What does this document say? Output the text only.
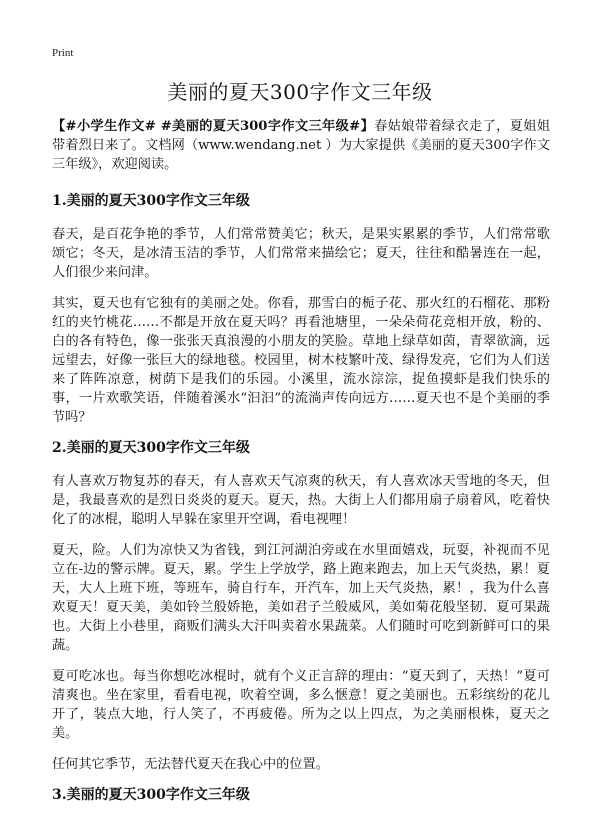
Print
美丽的夏天300字作文三年级

【#小学生作文# #美丽的夏天300字作文三年级#】春姑娘带着绿衣走了，夏姐姐带着烈日来了。文档网（www.wendang.net ）为大家提供《美丽的夏天300字作文三年级》，欢迎阅读。

1.美丽的夏天300字作文三年级

春天，是百花争艳的季节，人们常常赞美它；秋天，是果实累累的季节，人们常常歌颂它；冬天，是冰清玉洁的季节，人们常常来描绘它；夏天，往往和酷暑连在一起，人们很少来问津。

其实，夏天也有它独有的美丽之处。你看，那雪白的栀子花、那火红的石榴花、那粉红的夹竹桃花……不都是开放在夏天吗？再看池塘里，一朵朵荷花竞相开放，粉的、白的各有特色，像一张张天真浪漫的小朋友的笑脸。草地上绿草如茵，青翠欲滴，远远望去，好像一张巨大的绿地毯。校园里，树木枝繁叶茂、绿得发亮，它们为人们送来了阵阵凉意，树荫下是我们的乐园。小溪里，流水淙淙，捉鱼摸虾是我们快乐的事，一片欢歌笑语，伴随着溪水“汩汩”的流淌声传向远方……夏天也不是个美丽的季节吗？

2.美丽的夏天300字作文三年级

有人喜欢万物复苏的春天，有人喜欢天气凉爽的秋天，有人喜欢冰天雪地的冬天，但是，我最喜欢的是烈日炎炎的夏天。夏天，热。大街上人们都用扇子扇着风，吃着快化了的冰棍，聪明人早躲在家里开空调，看电视哩！

夏天，险。人们为凉快又为省钱，到江河湖泊旁或在水里面嬉戏，玩耍，补视而不见立在-边的警示牌。夏天，累。学生上学放学，路上跑来跑去，加上天气炎热，累！夏天，大人上班下班，等班车，骑自行车，开汽车，加上天气炎热，累！，我为什么喜欢夏天！夏天美，美如铃兰般娇艳，美如君子兰般威风，美如菊花般坚韧．夏可果蔬也。大街上小巷里，商贩们满头大汗叫卖着水果蔬菜。人们随时可吃到新鲜可口的果蔬。

夏可吃冰也。每当你想吃冰棍时，就有个义正言辞的理由：“夏天到了，天热！”夏可清爽也。坐在家里，看看电视，吹着空调，多么惬意！夏之美丽也。五彩缤纷的花儿开了，装点大地，行人笑了，不再疲倦。所为之以上四点，为之美丽根株，夏天之美。

任何其它季节，无法替代夏天在我心中的位置。

3.美丽的夏天300字作文三年级
